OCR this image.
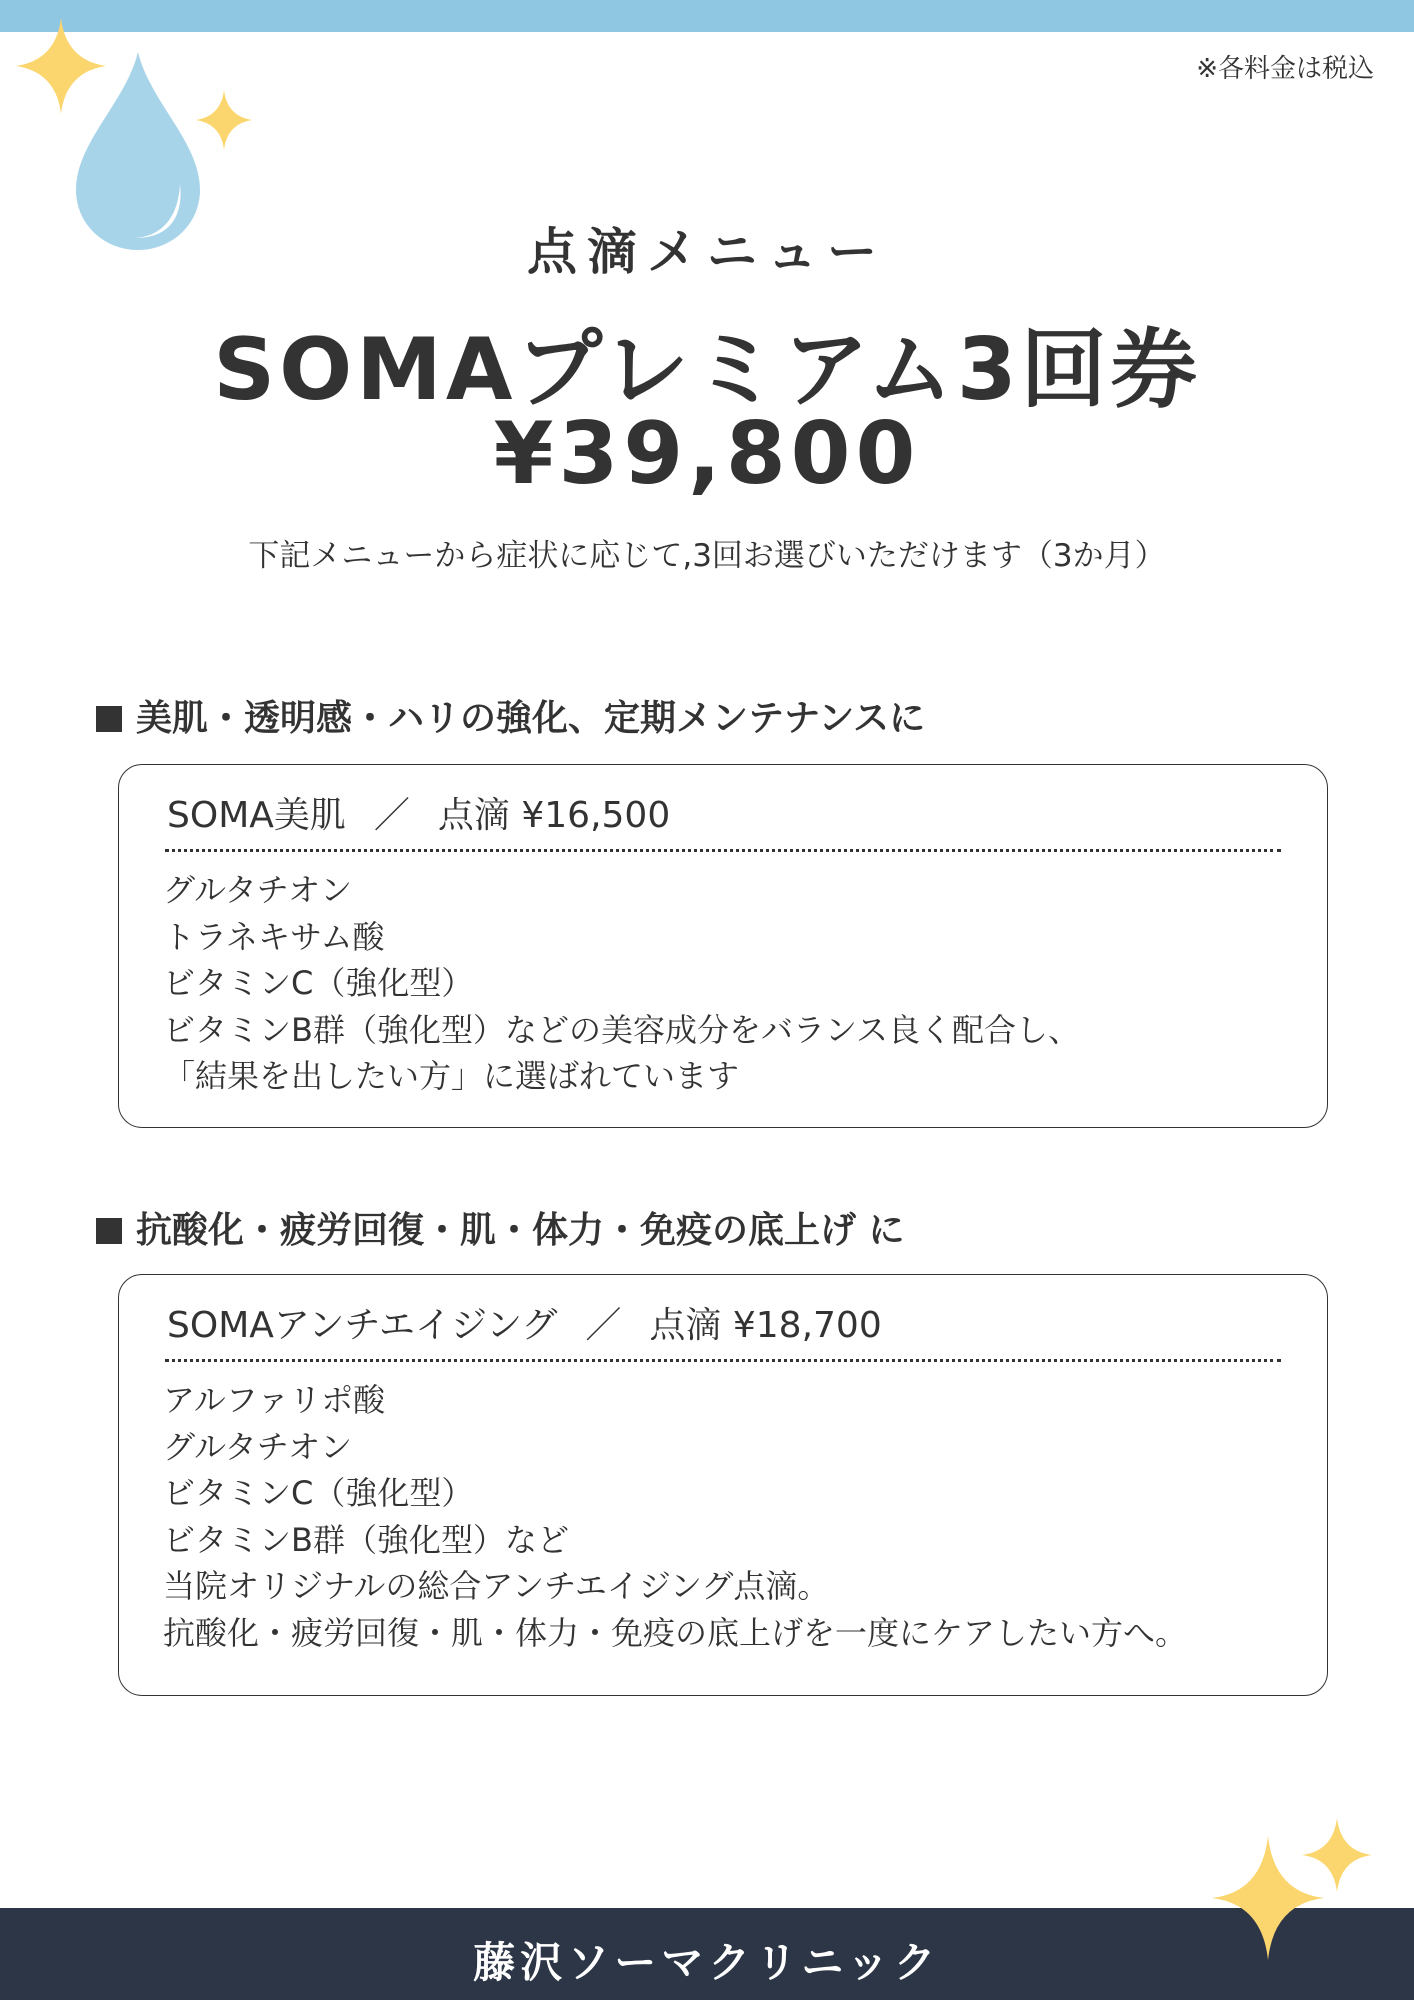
※各料金は税込
点滴メニュー
SOMAプレミアム3回券
¥39,800
下記メニューから症状に応じて,3回お選びいただけます（3か月）
美肌・透明感・ハリの強化、定期メンテナンスに
SOMA美肌 ／ 点滴 ¥16,500
グルタチオン
トラネキサム酸
ビタミンC（強化型）
ビタミンB群（強化型）などの美容成分をバランス良く配合し、
「結果を出したい方」に選ばれています
抗酸化・疲労回復・肌・体力・免疫の底上げ に
SOMAアンチエイジング ／ 点滴 ¥18,700
アルファリポ酸
グルタチオン
ビタミンC（強化型）
ビタミンB群（強化型）など
当院オリジナルの総合アンチエイジング点滴。
抗酸化・疲労回復・肌・体力・免疫の底上げを一度にケアしたい方へ。
藤沢ソーマクリニック
